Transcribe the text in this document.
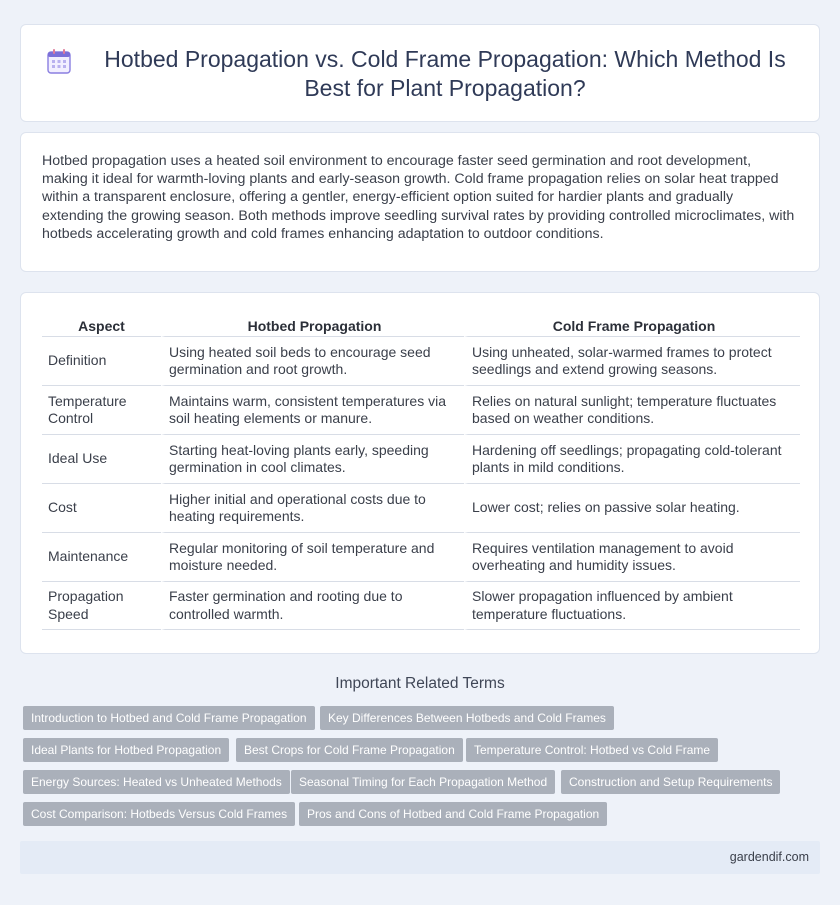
Hotbed Propagation vs. Cold Frame Propagation: Which Method Is Best for Plant Propagation?

Hotbed propagation uses a heated soil environment to encourage faster seed germination and root development, making it ideal for warmth-loving plants and early-season growth. Cold frame propagation relies on solar heat trapped within a transparent enclosure, offering a gentler, energy-efficient option suited for hardier plants and gradually extending the growing season. Both methods improve seedling survival rates by providing controlled microclimates, with hotbeds accelerating growth and cold frames enhancing adaptation to outdoor conditions.

Aspect	Hotbed Propagation	Cold Frame Propagation
Definition	Using heated soil beds to encourage seed germination and root growth.	Using unheated, solar-warmed frames to protect seedlings and extend growing seasons.
Temperature Control	Maintains warm, consistent temperatures via soil heating elements or manure.	Relies on natural sunlight; temperature fluctuates based on weather conditions.
Ideal Use	Starting heat-loving plants early, speeding germination in cool climates.	Hardening off seedlings; propagating cold-tolerant plants in mild conditions.
Cost	Higher initial and operational costs due to heating requirements.	Lower cost; relies on passive solar heating.
Maintenance	Regular monitoring of soil temperature and moisture needed.	Requires ventilation management to avoid overheating and humidity issues.
Propagation Speed	Faster germination and rooting due to controlled warmth.	Slower propagation influenced by ambient temperature fluctuations.
Important Related Terms
Introduction to Hotbed and Cold Frame Propagation	Key Differences Between Hotbeds and Cold Frames
Ideal Plants for Hotbed Propagation	Best Crops for Cold Frame Propagation	Temperature Control: Hotbed vs Cold Frame
Energy Sources: Heated vs Unheated Methods	Seasonal Timing for Each Propagation Method	Construction and Setup Requirements
Cost Comparison: Hotbeds Versus Cold Frames	Pros and Cons of Hotbed and Cold Frame Propagation
gardendif.com
